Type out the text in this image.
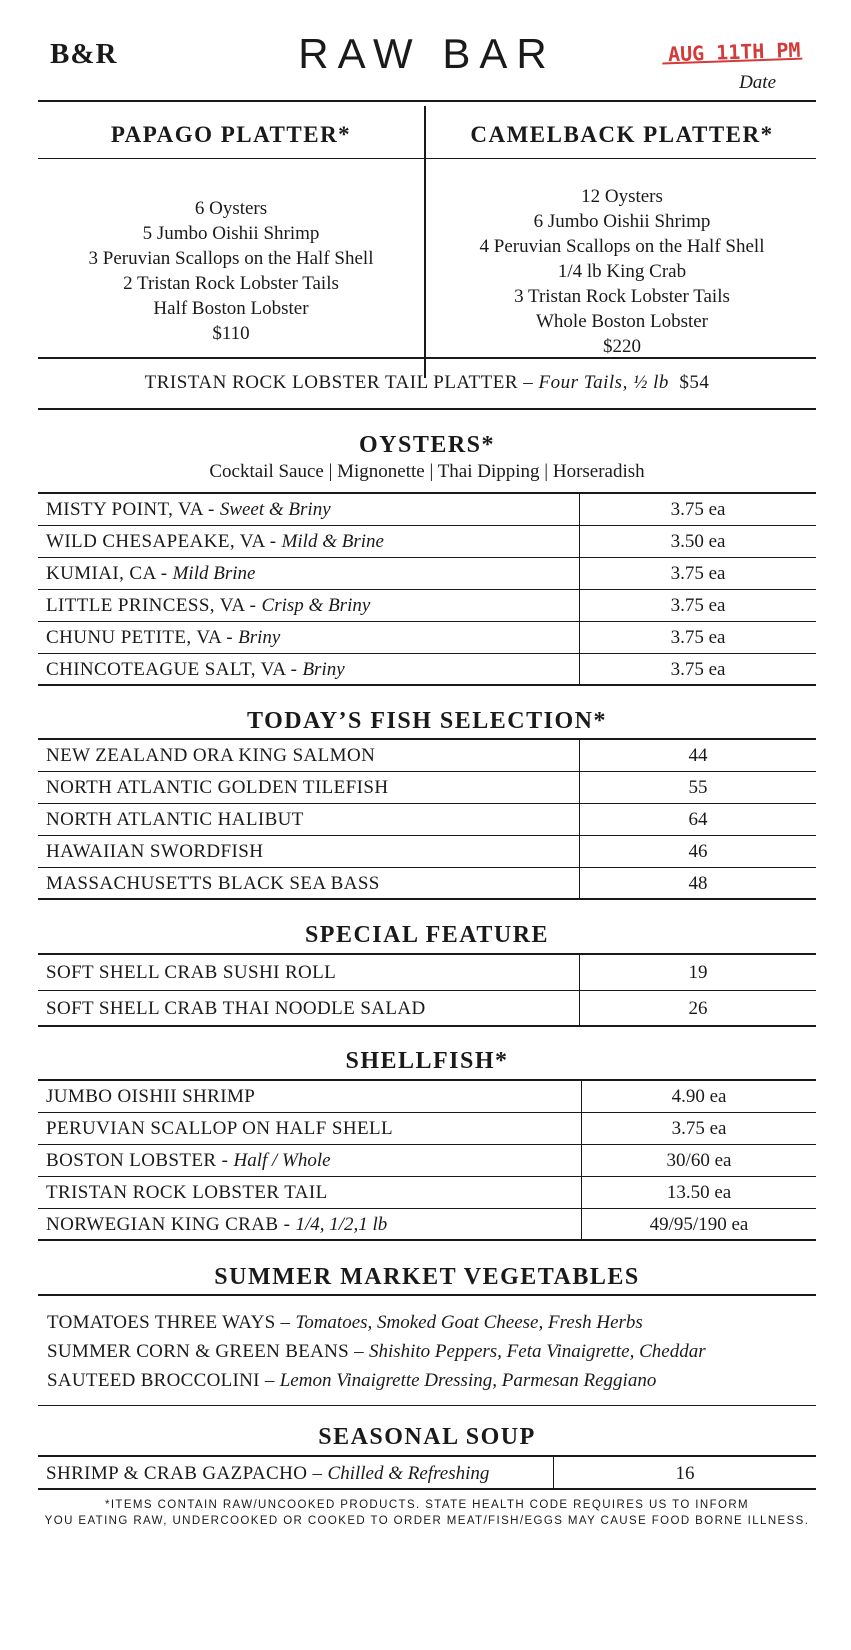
B&R	RAW BAR	AUG 11TH PM
Date
PAPAGO PLATTER*	CAMELBACK PLATTER*
6 Oysters
5 Jumbo Oishii Shrimp
3 Peruvian Scallops on the Half Shell
2 Tristan Rock Lobster Tails
Half Boston Lobster
$110
12 Oysters
6 Jumbo Oishii Shrimp
4 Peruvian Scallops on the Half Shell
1/4 lb King Crab
3 Tristan Rock Lobster Tails
Whole Boston Lobster
$220
TRISTAN ROCK LOBSTER TAIL PLATTER – Four Tails, ½ lb $54
OYSTERS*
Cocktail Sauce | Mignonette | Thai Dipping | Horseradish
MISTY POINT, VA - Sweet & Briny	3.75 ea
WILD CHESAPEAKE, VA - Mild & Brine	3.50 ea
KUMIAI, CA - Mild Brine	3.75 ea
LITTLE PRINCESS, VA - Crisp & Briny	3.75 ea
CHUNU PETITE, VA - Briny	3.75 ea
CHINCOTEAGUE SALT, VA - Briny	3.75 ea
TODAY’S FISH SELECTION*
NEW ZEALAND ORA KING SALMON	44
NORTH ATLANTIC GOLDEN TILEFISH	55
NORTH ATLANTIC HALIBUT	64
HAWAIIAN SWORDFISH	46
MASSACHUSETTS BLACK SEA BASS	48
SPECIAL FEATURE
SOFT SHELL CRAB SUSHI ROLL	19
SOFT SHELL CRAB THAI NOODLE SALAD	26
SHELLFISH*
JUMBO OISHII SHRIMP	4.90 ea
PERUVIAN SCALLOP ON HALF SHELL	3.75 ea
BOSTON LOBSTER - Half / Whole	30/60 ea
TRISTAN ROCK LOBSTER TAIL	13.50 ea
NORWEGIAN KING CRAB - 1/4, 1/2,1 lb	49/95/190 ea
SUMMER MARKET VEGETABLES
TOMATOES THREE WAYS – Tomatoes, Smoked Goat Cheese, Fresh Herbs
SUMMER CORN & GREEN BEANS – Shishito Peppers, Feta Vinaigrette, Cheddar
SAUTEED BROCCOLINI – Lemon Vinaigrette Dressing, Parmesan Reggiano
SEASONAL SOUP
SHRIMP & CRAB GAZPACHO – Chilled & Refreshing	16
*ITEMS CONTAIN RAW/UNCOOKED PRODUCTS. STATE HEALTH CODE REQUIRES US TO INFORM
YOU EATING RAW, UNDERCOOKED OR COOKED TO ORDER MEAT/FISH/EGGS MAY CAUSE FOOD BORNE ILLNESS.
